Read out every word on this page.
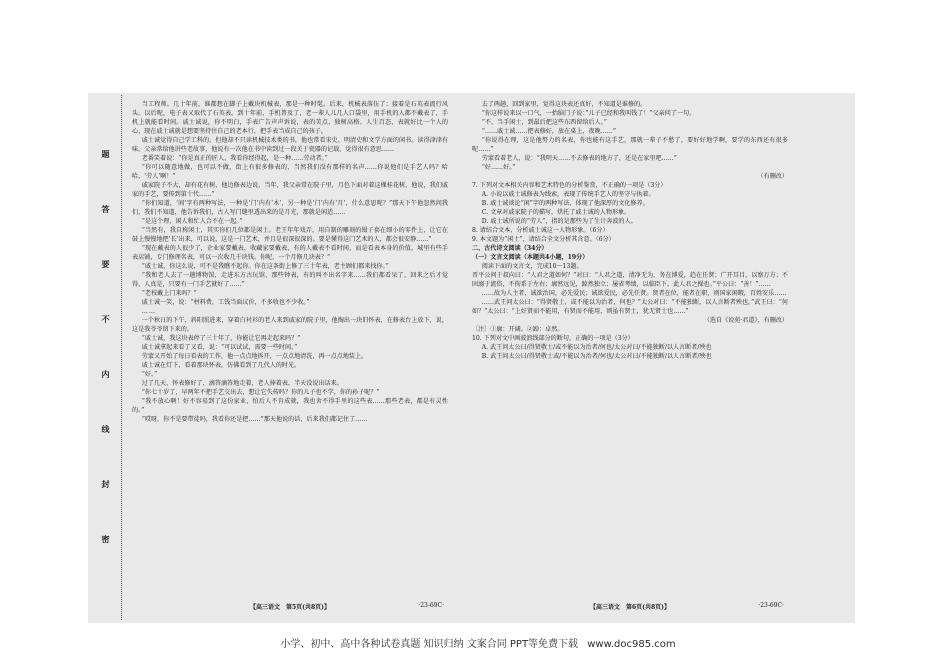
题
答
要
不
内
线
封
密

当工程师。几十年前，谁都想在脚子上戴块机械表，那是一种时髦。后来，机械表落伍了；接着是石英表流行风头。以后呢，电子表又取代了石英表。到十年前，手机普及了，老一辈人儿几人口袋里，用手机的人都不戴表了，手机上就能看时间。戚士诚说，你不明白，手表广告声声诉说，表的美点，独树高格。人生百态，表就好比一个人的心，现在戚士诚就是想要坚持住自己的老本行，把手表当成自己的孩子，

戚士诚觉得自己学工科的，但他却不只读机械技术类的书，他也常看宋史、明清史和文学方面的闲书。读得津津有味。父亲常给他讲些老故事，他说有一次他在书中读到过一段关于瓷器的记载，觉得很有意思……

老番笑着说：“你是真正的匠人，我看你经得起，是一种……劳动者。”

“你可以随意地做，也可以不做，街上有很多修表的，当然我们没有那样的名声……你说他们是手艺人吗？哈哈，‘劳人’啊！”

戚家院子不大，却有花有树，他边修表边说，当年，我父亲常在院子里，月色下面对着这棵桂花树，他说，我们戚家的手艺，要传到第十代……”

“你们知道，‘间’字有两种写法，一种是‘门’内有‘木’，另一种是‘门’内有‘月’，什么意思呢？”那天下午他忽然问我们，我们不知道，他告诉我们，古人写门缝里透出来的是月光，那就是闲适……

“是这个理，闲人和忙人合不在一起。”

“当然有，我自称闲士，其实你们几位都是闲士。老王年年戏弄，用自制的雕刻的镊子套在细小的零件上，让它在鼓上慢慢地把‘长’出来，可以说，这是一门艺术，并且是很深很深的。要是懂得这门艺术的人，都会很安静……”

“现在戴表的人很少了，企业家要戴表，收藏家要戴表，有的人戴表不看时间，而是看表本身的价值。城里有些手表店铺，专门修理名表，可以一次收几千块钱。你呢，一个月修几块表？”

“戚士诚，你这么说，可不是我瞧不起你。你在这条街上修了三十年表，老主顾们都来找你。”

“我和老人去了一趟博物馆，走进东方古玩馆，那些钟表，有的叫不出名字来……我们都看呆了，回来之后才觉得，人真是，只要有一门手艺就好了……”

“老枝戴上门来吗？”

戚士诚一笑，说：“材料费，工钱当面议价，不多收也不少收。”

……

一个秋日的下午，斜阳照进来，穿着白衬衫的老人来到戚家的院子里，他掏出一块旧怀表，在修表台上放下，说，这是我爷爷留下来的。

“戚士诚，我这块表停了三十年了，你能让它再走起来吗？”

戚士诚拿起来看了又看，说：“可以试试，需要一些时间。”

劳蒙又开始了每日看表的工作，他一点点地拆开，一点点地清洗，再一点点地装上。

戚士诚在灯下，看着那块怀表，仿佛看到了几代人的时光。

“好。”

过了几天，怀表修好了，滴答滴答地走着，老人捧着表，半天没说出话来。

“你七十岁了，早两年不把手艺交出去，想让它失传吗？你的儿子也不学，你的孙子呢？”

“我不放心啊！好不容易到了这份家业，怕后人不肯成就，我也舍不得手里的这些表……那些老表，都是有灵性的。”

“哎呀，你不是要带徒吗，我看你还是把……”那天他说的话，后来我们都记住了……

去了两趟，回到家里，觉得这块表还真好，不知道是谁修的。

“你这样说来以一口气，一抬脑门子说：”儿子已经和我叫钱了！”父亲问了一句。

“不，当手闲士，到最后把这些东西留给后人。”

“……戚士诚……把表修好，放在桌上，夜晚……”

“你说得在理，这是他努力的名表，你也能有这手艺，那就一辈子不愁了，要好好地学啊，要学的东西还有很多呢……”

劳蒙看着老人，说：“我明天……不去修表的地方了，还是在家里吧……”

“好……好。”

（有删改）

7. 下列对文本相关内容和艺术特色的分析鉴赏，不正确的一项是（3分）

A. 小说以戚士诚修表为线索，表现了传统手艺人的坚守与执着。

B. 戚士诚谈论“闲”字的两种写法，体现了他深厚的文化修养。

C. 文章对戚家院子的描写，烘托了戚士诚的人物形象。

D. 戚士诚所说的“劳人”，指的是那些为了生计奔波的人。

8. 请结合文本，分析戚士诚这一人物形象。（6分）

9. 本文题为“闲士”，请结合全文分析其含意。（6分）

二、古代诗文阅读（34分）

（一）文言文阅读（本题共4小题，19分）

阅读下面的文言文，完成10～13题。

晋平公问于叔向曰：“人君之道如何？”对曰：“人君之道，清净无为，务在博爱，趋在任贤；广开耳目，以察万方；不固溺于流俗，不拘系于左右；廓然远见，踔然独立；屡省考绩，以临臣下。此人君之操也。”平公曰：“善！”……

……故为人主者，诚欲治国，必先爱民；诚欲爱民，必先任贤。贤者在位，能者在职，则国家闲暇，百姓安乐……

……武王问太公曰：“得贤敬士，或不能以为治者，何也？”太公对曰：“不能独断，以人言断者殃也。”武王曰：“何如？”太公曰：“上好贤而不能用，有贤而不能用，则虽有贤士，犹无贤士也……”

（选自《说苑·君道》，有删改）

〔注〕①廓：开阔。②踔：卓然。

10. 下列对文中画波浪线部分的断句，正确的一项是（3分）

A. 武王问太公曰/得贤敬士/或不能以为治者/何也/太公对曰/不能独断/以人言断者/殃也

B. 武王问太公曰/得贤敬士或/不能以为治者/何也/太公对曰/不能独断/以人言断者/殃也

【高三语文　第5页(共8页)】	·23-69C·	【高三语文　第6页(共8页)】	·23-69C·
小学、初中、高中各种试卷真题 知识归纳 文案合同 PPT等免费下载 www.doc985.com
